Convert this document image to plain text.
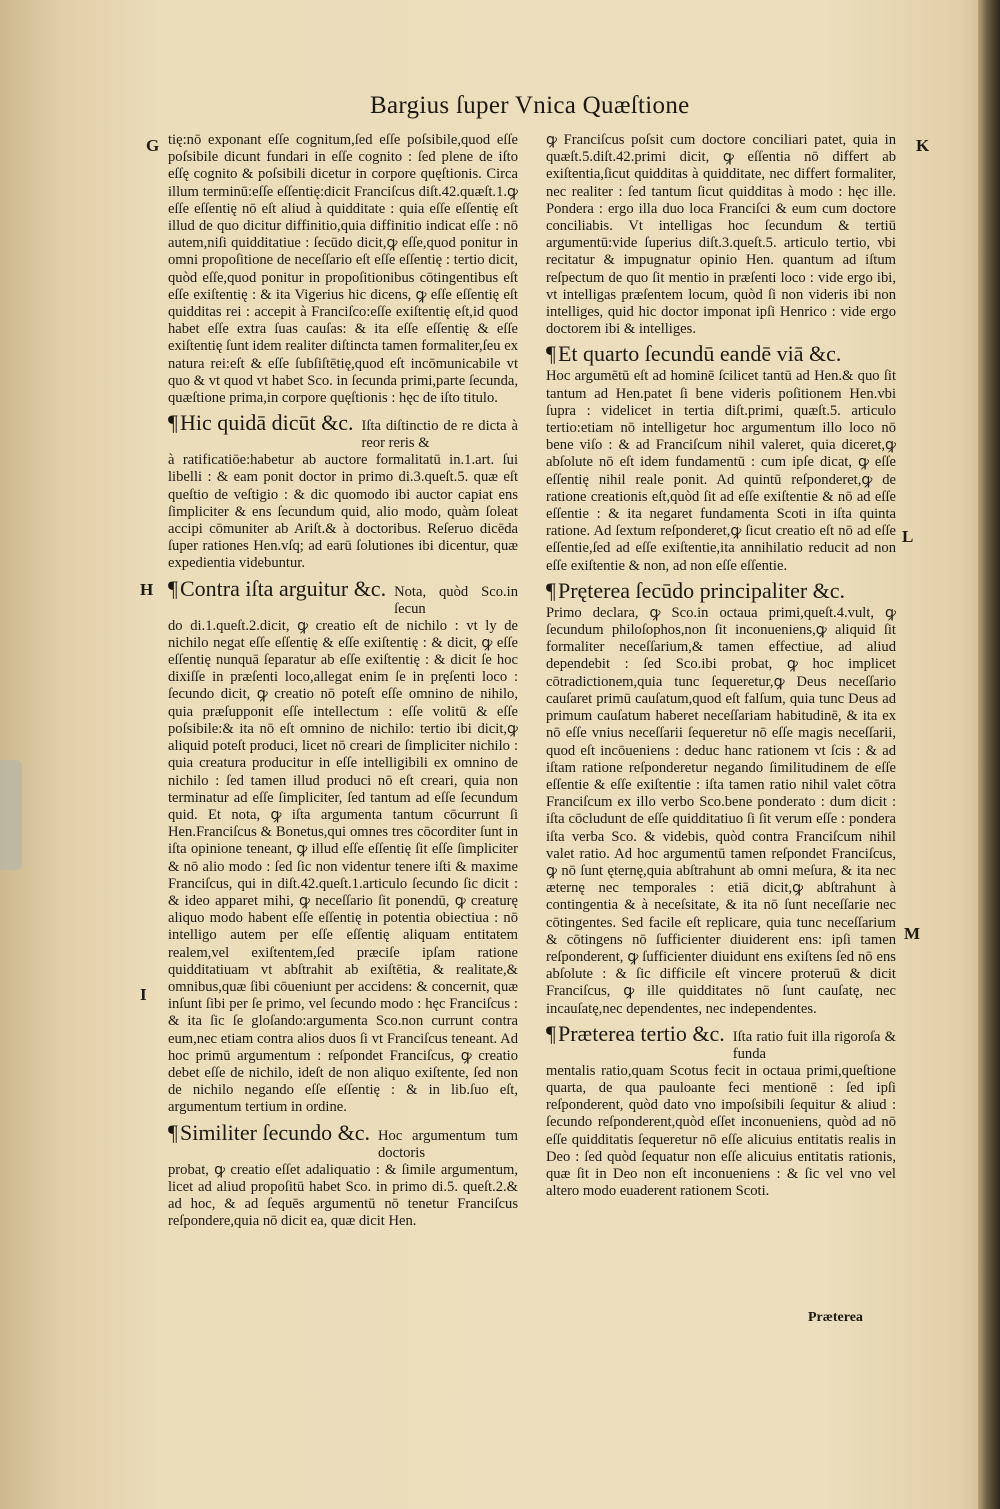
Bargius ſuper Vnica Quæſtione
G	K
H
L
I
M

tię:nō exponant eſſe cognitum,ſed eſſe poſsibile,quod eſſe poſsibile dicunt fundari in eſſe cognito : ſed plene de iſto eſſę cognito & poſsibili dicetur in corpore quęſtionis. Circa illum terminū:eſſe eſſentię:dicit Franciſcus diſt.42.quæſt.1.ꝙ eſſe eſſentię nō eſt aliud à quidditate : quia eſſe eſſentię eſt illud de quo dicitur diffinitio,quia diffinitio indicat eſſe : nō autem,niſi quidditatiue : ſecūdo dicit,ꝙ eſſe,quod ponitur in omni propoſitione de neceſſario eſt eſſe eſſentię : tertio dicit, quòd eſſe,quod ponitur in propoſitionibus cōtingentibus eſt eſſe exiſtentię : & ita Vigerius hic dicens, ꝙ eſſe eſſentię eſt quidditas rei : accepit à Franciſco:eſſe exiſtentię eſt,id quod habet eſſe extra ſuas cauſas: & ita eſſe eſſentię & eſſe exiſtentię ſunt idem realiter diſtincta tamen formaliter,ſeu ex natura rei:eſt & eſſe ſubſiſtētię,quod eſt incōmunicabile vt quo & vt quod vt habet Sco. in ſecunda primi,parte ſecunda, quæſtione prima,in corpore quęſtionis : hęc de iſto titulo.

¶ Hic quidā dicūt &c. Iſta diſtinctio de re dicta à reor reris &

à ratificatiōe:habetur ab auctore formalitatū in.1.art. ſui libelli : & eam ponit doctor in primo di.3.queſt.5. quæ eſt queſtio de veſtigio : & dic quomodo ibi auctor capiat ens ſimpliciter & ens ſecundum quid, alio modo, quàm ſoleat accipi cōmuniter ab Ariſt.& à doctoribus. Reſeruo dicēda ſuper rationes Hen.vſq; ad earū ſolutiones ibi dicentur, quæ expedientia videbuntur.

¶ Contra iſta arguitur &c. Nota, quòd Sco.in ſecun

do di.1.queſt.2.dicit, ꝙ creatio eſt de nichilo : vt ly de nichilo negat eſſe eſſentię & eſſe exiſtentię : & dicit, ꝙ eſſe eſſentię nunquā ſeparatur ab eſſe exiſtentię : & dicit ſe hoc dixiſſe in præſenti loco,allegat enim ſe in pręſenti loco : ſecundo dicit, ꝙ creatio nō poteſt eſſe omnino de nihilo, quia præſupponit eſſe intellectum : eſſe volitū & eſſe poſsibile:& ita nō eſt omnino de nichilo: tertio ibi dicit,ꝙ aliquid poteſt produci, licet nō creari de ſimpliciter nichilo : quia creatura producitur in eſſe intelligibili ex omnino de nichilo : ſed tamen illud produci nō eſt creari, quia non terminatur ad eſſe ſimpliciter, ſed tantum ad eſſe ſecundum quid. Et nota, ꝙ iſta argumenta tantum cōcurrunt ſi Hen.Franciſcus & Bonetus,qui omnes tres cōcorditer ſunt in iſta opinione teneant, ꝙ illud eſſe eſſentię ſit eſſe ſimpliciter & nō alio modo : ſed ſic non videntur tenere iſti & maxime Franciſcus, qui in diſt.42.queſt.1.articulo ſecundo ſic dicit : & ideo apparet mihi, ꝙ neceſſario ſit ponendū, ꝙ creaturę aliquo modo habent eſſe eſſentię in potentia obiectiua : nō intelligo autem per eſſe eſſentię aliquam entitatem realem,vel exiſtentem,ſed præciſe ipſam ratione quidditatiuam vt abſtrahit ab exiſtētia, & realitate,& omnibus,quæ ſibi cōueniunt per accidens: & concernit, quæ inſunt ſibi per ſe primo, vel ſecundo modo : hęc Franciſcus : & ita ſic ſe gloſando:argumenta Sco.non currunt contra eum,nec etiam contra alios duos ſi vt Franciſcus teneant. Ad hoc primū argumentum : reſpondet Franciſcus, ꝙ creatio debet eſſe de nichilo, ideſt de non aliquo exiſtente, ſed non de nichilo negando eſſe eſſentię : & in lib.ſuo eſt, argumentum tertium in ordine.

¶ Similiter ſecundo &c. Hoc argumentum tum doctoris

probat, ꝙ creatio eſſet adaliquatio : & ſimile argumentum, licet ad aliud propoſitū habet Sco. in primo di.5. queſt.2.& ad hoc, & ad ſequēs argumentū nō tenetur Franciſcus reſpondere,quia nō dicit ea, quæ dicit Hen.

ꝙ Franciſcus poſsit cum doctore conciliari patet, quia in quæſt.5.diſt.42.primi dicit, ꝙ eſſentia nō differt ab exiſtentia,ſicut quidditas à quidditate, nec differt formaliter, nec realiter : ſed tantum ſicut quidditas à modo : hęc ille. Pondera : ergo illa duo loca Franciſci & eum cum doctore conciliabis. Vt intelligas hoc ſecundum & tertiū argumentū:vide ſuperius diſt.3.queſt.5. articulo tertio, vbi recitatur & impugnatur opinio Hen. quantum ad iſtum reſpectum de quo ſit mentio in præſenti loco : vide ergo ibi, vt intelligas præſentem locum, quòd ſi non videris ibi non intelliges, quid hic doctor imponat ipſi Henrico : vide ergo doctorem ibi & intelliges.

¶ Et quarto ſecundū eandē viā &c.

Hoc argumētū eſt ad hominē ſcilicet tantū ad Hen.& quo ſit tantum ad Hen.patet ſi bene videris poſitionem Hen.vbi ſupra : videlicet in tertia diſt.primi, quæſt.5. articulo tertio:etiam nō intelligetur hoc argumentum illo loco nō bene viſo : & ad Franciſcum nihil valeret, quia diceret,ꝙ abſolute nō eſt idem fundamentū : cum ipſe dicat, ꝙ eſſe eſſentię nihil reale ponit. Ad quintū reſponderet,ꝙ de ratione creationis eſt,quòd ſit ad eſſe exiſtentie & nō ad eſſe eſſentie : & ita negaret fundamenta Scoti in iſta quinta ratione. Ad ſextum reſponderet,ꝙ ſicut creatio eſt nō ad eſſe eſſentie,ſed ad eſſe exiſtentie,ita annihilatio reducit ad non eſſe exiſtentie & non, ad non eſſe eſſentie.

¶ Pręterea ſecūdo principaliter &c.

Primo declara, ꝙ Sco.in octaua primi,queſt.4.vult, ꝙ ſecundum philoſophos,non ſit inconueniens,ꝙ aliquid ſit formaliter neceſſarium,& tamen effectiue, ad aliud dependebit : ſed Sco.ibi probat, ꝙ hoc implicet cōtradictionem,quia tunc ſequeretur,ꝙ Deus neceſſario cauſaret primū cauſatum,quod eſt falſum, quia tunc Deus ad primum cauſatum haberet neceſſariam habitudinē, & ita ex nō eſſe vnius neceſſarii ſequeretur nō eſſe magis neceſſarii, quod eſt incōueniens : deduc hanc rationem vt ſcis : & ad iſtam ratione reſponderetur negando ſimilitudinem de eſſe eſſentie & eſſe exiſtentie : iſta tamen ratio nihil valet cōtra Franciſcum ex illo verbo Sco.bene ponderato : dum dicit : iſta cōcludunt de eſſe quidditatiuo ſi ſit verum eſſe : pondera iſta verba Sco. & videbis, quòd contra Franciſcum nihil valet ratio. Ad hoc argumentū tamen reſpondet Franciſcus, ꝙ nō ſunt ęternę,quia abſtrahunt ab omni meſura, & ita nec æternę nec temporales : etiā dicit,ꝙ abſtrahunt à contingentia & à neceſsitate, & ita nō ſunt neceſſarie nec cōtingentes. Sed facile eſt replicare, quia tunc neceſſarium & cōtingens nō ſufficienter diuiderent ens: ipſi tamen reſponderent, ꝙ ſufficienter diuidunt ens exiſtens ſed nō ens abſolute : & ſic difficile eſt vincere proteruū & dicit Franciſcus, ꝙ ille quidditates nō ſunt cauſatę, nec incauſatę,nec dependentes, nec independentes.

¶ Præterea tertio &c. Iſta ratio fuit illa rigoroſa & funda

mentalis ratio,quam Scotus fecit in octaua primi,queſtione quarta, de qua pauloante feci mentionē : ſed ipſi reſponderent, quòd dato vno impoſsibili ſequitur & aliud : ſecundo reſponderent,quòd eſſet inconueniens, quòd ad nō eſſe quidditatis ſequeretur nō eſſe alicuius entitatis realis in Deo : ſed quòd ſequatur non eſſe alicuius entitatis rationis, quæ ſit in Deo non eſt inconueniens : & ſic vel vno vel altero modo euaderent rationem Scoti.

Præterea
